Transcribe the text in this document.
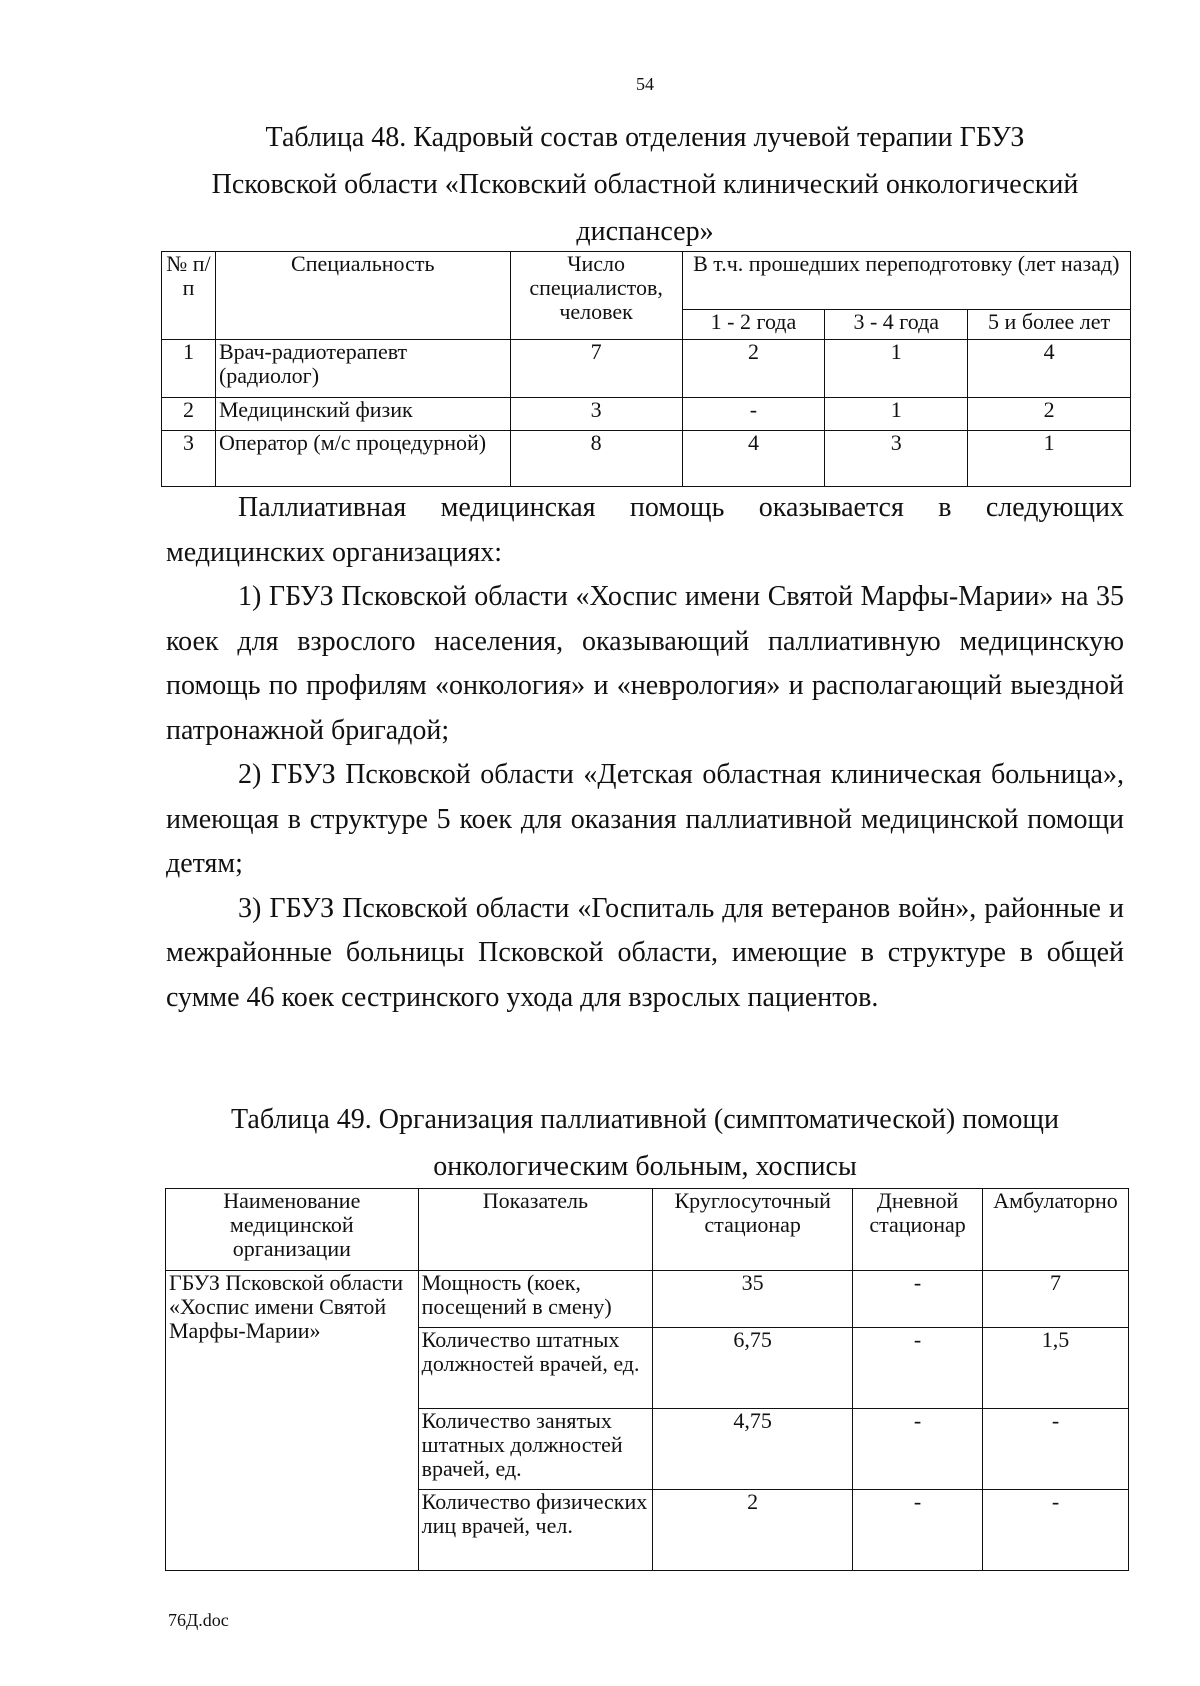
54
Таблица 48. Кадровый состав отделения лучевой терапии ГБУЗ
Псковской области «Псковский областной клинический онкологический
диспансер»
№ п/п	Специальность	Число специалистов, человек	В т.ч. прошедших переподготовку (лет назад)		
			1 - 2 года	3 - 4 года	5 и более лет
1	Врач-радиотерапевт (радиолог)	7	2	1	4
2	Медицинский физик	3	-	1	2
3	Оператор (м/с процедурной)	8	4	3	1

Паллиативная медицинская помощь оказывается в следующих медицинских организациях:

1) ГБУЗ Псковской области «Хоспис имени Святой Марфы-Марии» на 35 коек для взрослого населения, оказывающий паллиативную медицинскую помощь по профилям «онкология» и «неврология» и располагающий выездной патронажной бригадой;

2) ГБУЗ Псковской области «Детская областная клиническая больница», имеющая в структуре 5 коек для оказания паллиативной медицинской помощи детям;

3) ГБУЗ Псковской области «Госпиталь для ветеранов войн», районные и межрайонные больницы Псковской области, имеющие в структуре в общей сумме 46 коек сестринского ухода для взрослых пациентов.

Таблица 49. Организация паллиативной (симптоматической) помощи
онкологическим больным, хосписы
Наименование медицинской организации	Показатель	Круглосуточный стационар	Дневной стационар	Амбулаторно
ГБУЗ Псковской области «Хоспис имени Святой Марфы-Марии»	Мощность (коек, посещений в смену)	35	-	7
	Количество штатных должностей врачей, ед.	6,75	-	1,5
	Количество занятых штатных должностей врачей, ед.	4,75	-	-
	Количество физических лиц врачей, чел.	2	-	-
76Д.doc
